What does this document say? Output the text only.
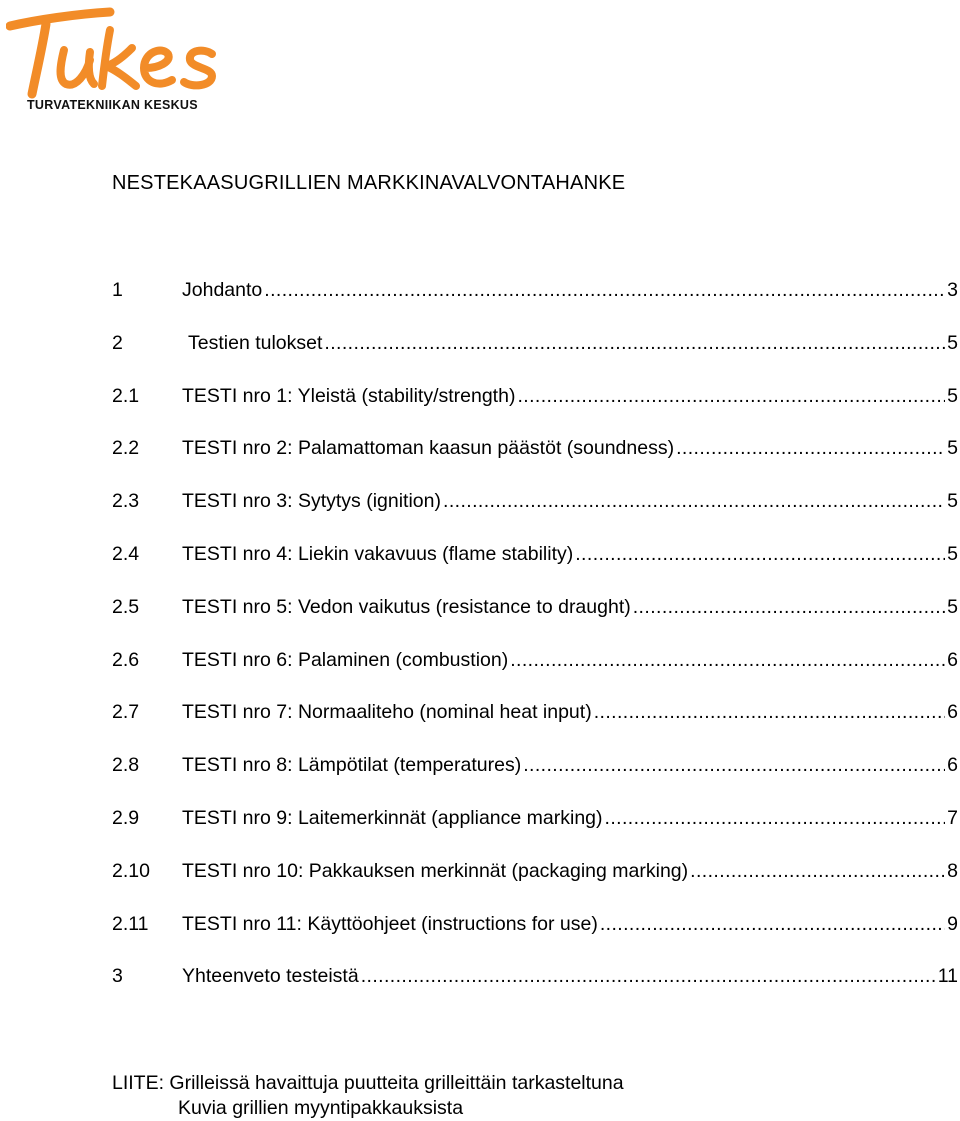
TURVATEKNIIKAN KESKUS
NESTEKAASUGRILLIEN MARKKINAVALVONTAHANKE
1	Johdanto .....	3
2	Testien tulokset .....	5
2.1	TESTI nro 1: Yleistä (stability/strength) .....	5
2.2	TESTI nro 2: Palamattoman kaasun päästöt (soundness) .....	5
2.3	TESTI nro 3: Sytytys (ignition) .....	5
2.4	TESTI nro 4: Liekin vakavuus (flame stability) .....	5
2.5	TESTI nro 5: Vedon vaikutus (resistance to draught) .....	5
2.6	TESTI nro 6: Palaminen (combustion) .....	6
2.7	TESTI nro 7: Normaaliteho (nominal heat input) .....	6
2.8	TESTI nro 8: Lämpötilat (temperatures) .....	6
2.9	TESTI nro 9: Laitemerkinnät (appliance marking) .....	7
2.10	TESTI nro 10: Pakkauksen merkinnät (packaging marking) .....	8
2.11	TESTI nro 11: Käyttöohjeet (instructions for use) .....	9
3	Yhteenveto testeistä .....	11
LIITE: Grilleissä havaittuja puutteita grilleittäin tarkasteltuna
Kuvia grillien myyntipakkauksista
